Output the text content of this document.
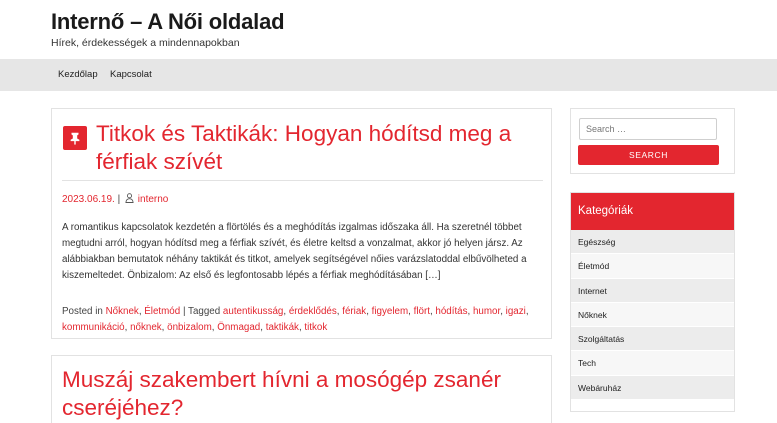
Internő – A Női oldalad
Hírek, érdekességek a mindennapokban
Kezdőlap Kapcsolat
Titkok és Taktikák: Hogyan hódítsd meg a férfiak szívét
2023.06.19. | interno

A romantikus kapcsolatok kezdetén a flörtölés és a meghódítás izgalmas időszaka áll. Ha szeretnél többet megtudni arról, hogyan hódítsd meg a férfiak szívét, és életre keltsd a vonzalmat, akkor jó helyen jársz. Az alábbiakban bemutatok néhány taktikát és titkot, amelyek segítségével nőies varázslatoddal elbűvölheted a kiszemeltedet. Önbizalom: Az első és legfontosabb lépés a férfiak meghódításában […]

Posted in Nőknek, Életmód | Tagged autentikusság, érdeklődés, fériak, figyelem, flört, hódítás, humor, igazi, kommunikáció, nőknek, önbizalom, Önmagad, taktikák, titkok
Muszáj szakembert hívni a mosógép zsanér cseréjéhez?
Search …
SEARCH
Kategóriák
Egészség
Életmód
Internet
Nőknek
Szolgáltatás
Tech
Webáruház
